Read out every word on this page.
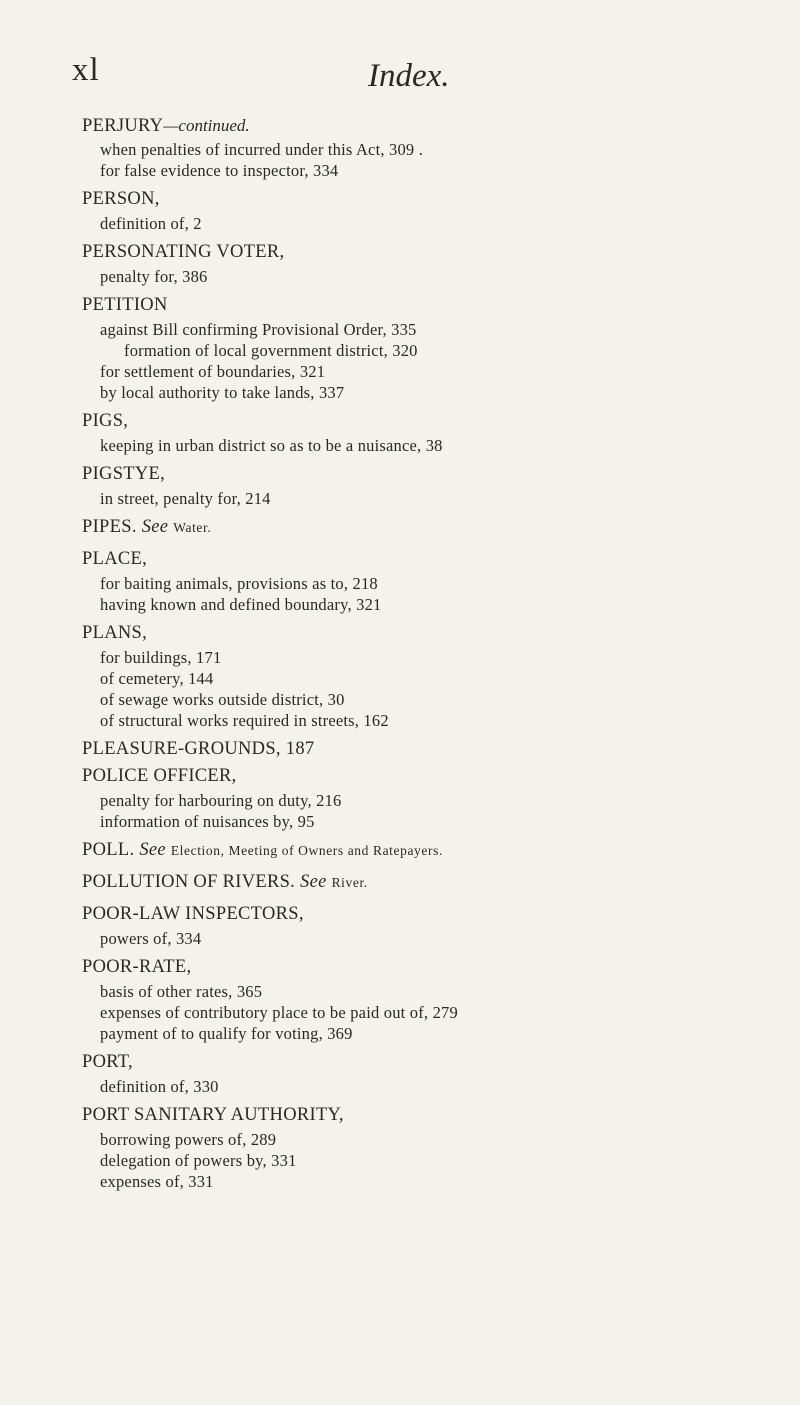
xl	Index.
PERJURY—continued.
when penalties of incurred under this Act, 309 .
for false evidence to inspector, 334
PERSON,
definition of, 2
PERSONATING VOTER,
penalty for, 386
PETITION
against Bill confirming Provisional Order, 335
formation of local government district, 320
for settlement of boundaries, 321
by local authority to take lands, 337
PIGS,
keeping in urban district so as to be a nuisance, 38
PIGSTYE,
in street, penalty for, 214
PIPES. See Water.
PLACE,
for baiting animals, provisions as to, 218
having known and defined boundary, 321
PLANS,
for buildings, 171
of cemetery, 144
of sewage works outside district, 30
of structural works required in streets, 162
PLEASURE-GROUNDS, 187
POLICE OFFICER,
penalty for harbouring on duty, 216
information of nuisances by, 95
POLL. See Election, Meeting of Owners and Ratepayers.
POLLUTION OF RIVERS. See River.
POOR-LAW INSPECTORS,
powers of, 334
POOR-RATE,
basis of other rates, 365
expenses of contributory place to be paid out of, 279
payment of to qualify for voting, 369
PORT,
definition of, 330
PORT SANITARY AUTHORITY,
borrowing powers of, 289
delegation of powers by, 331
expenses of, 331
